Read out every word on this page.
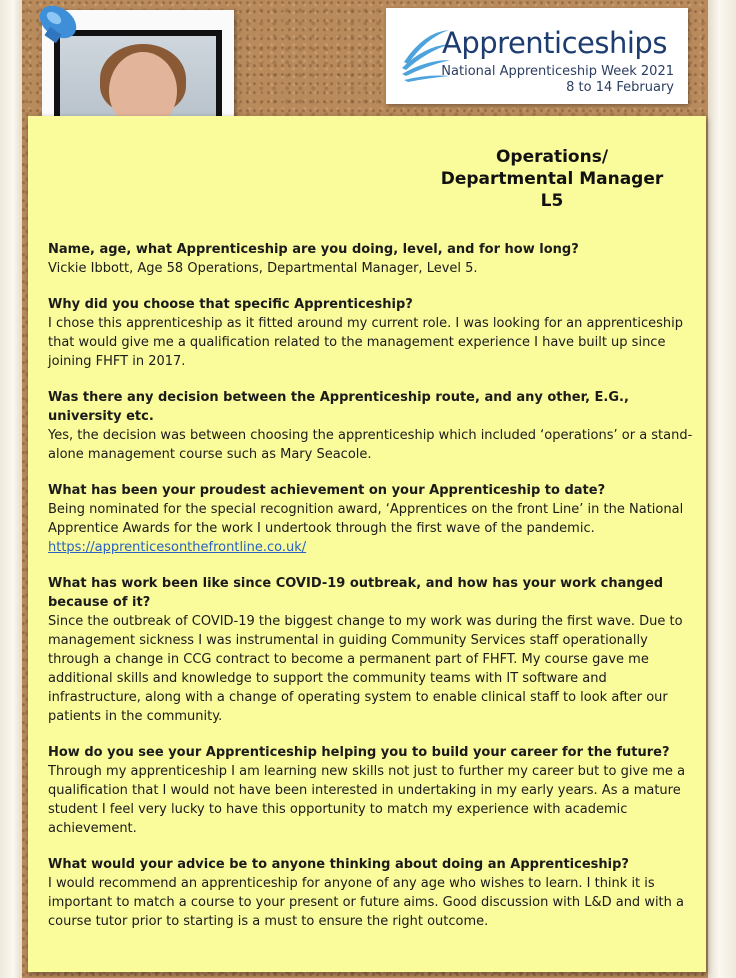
Apprenticeships
National Apprenticeship Week 2021
8 to 14 February
Operations/
Departmental Manager
L5
Name, age, what Apprenticeship are you doing, level, and for how long?
Vickie Ibbott, Age 58 Operations, Departmental Manager, Level 5.
Why did you choose that specific Apprenticeship?
I chose this apprenticeship as it fitted around my current role. I was looking for an apprenticeship that would give me a qualification related to the management experience I have built up since joining FHFT in 2017.
Was there any decision between the Apprenticeship route, and any other, E.G., university etc.
Yes, the decision was between choosing the apprenticeship which included ‘operations’ or a stand-alone management course such as Mary Seacole.
What has been your proudest achievement on your Apprenticeship to date?
Being nominated for the special recognition award, ‘Apprentices on the front Line’ in the National Apprentice Awards for the work I undertook through the first wave of the pandemic.
https://apprenticesonthefrontline.co.uk/
What has work been like since COVID-19 outbreak, and how has your work changed because of it?
Since the outbreak of COVID-19 the biggest change to my work was during the first wave. Due to management sickness I was instrumental in guiding Community Services staff operationally through a change in CCG contract to become a permanent part of FHFT. My course gave me additional skills and knowledge to support the community teams with IT software and infrastructure, along with a change of operating system to enable clinical staff to look after our patients in the community.
How do you see your Apprenticeship helping you to build your career for the future?
Through my apprenticeship I am learning new skills not just to further my career but to give me a qualification that I would not have been interested in undertaking in my early years. As a mature student I feel very lucky to have this opportunity to match my experience with academic achievement.
What would your advice be to anyone thinking about doing an Apprenticeship?
I would recommend an apprenticeship for anyone of any age who wishes to learn. I think it is important to match a course to your present or future aims. Good discussion with L&D and with a course tutor prior to starting is a must to ensure the right outcome.
